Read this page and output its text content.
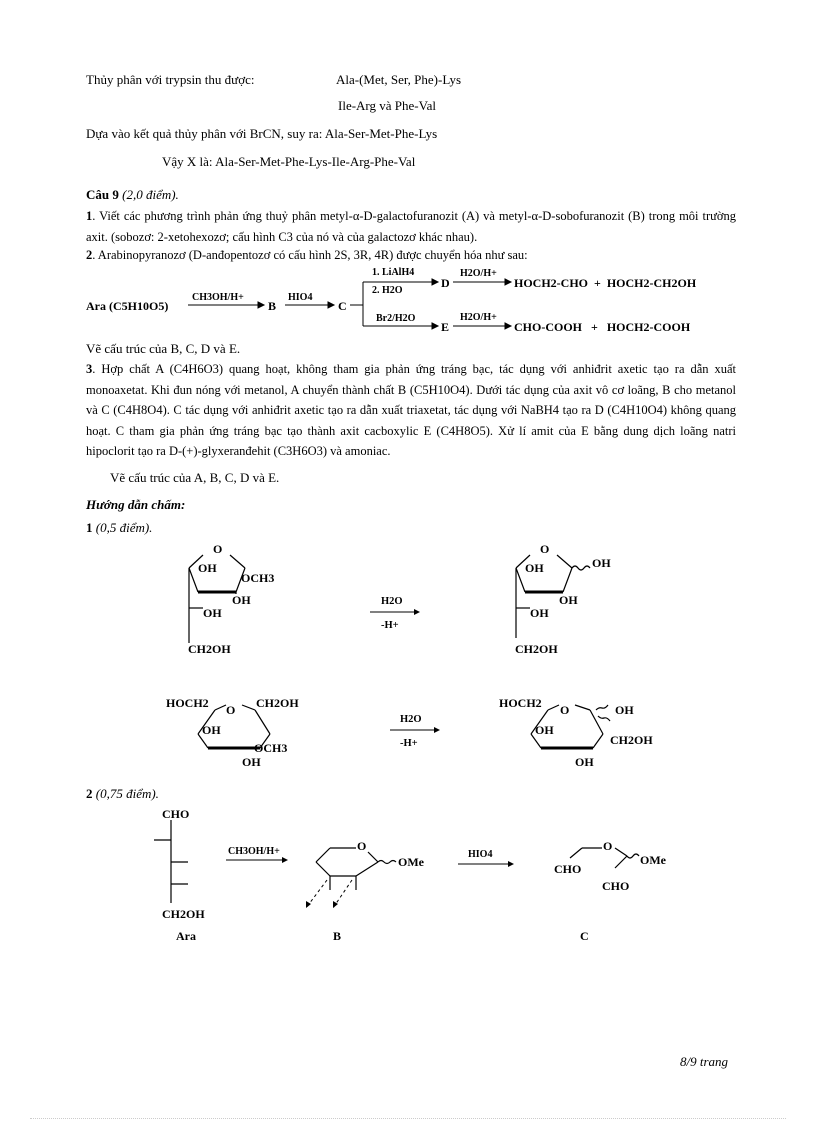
Thủy phân với trypsin thu được:	Ala-(Met, Ser, Phe)-Lys
Ile-Arg và Phe-Val
Dựa vào kết quả thủy phân với BrCN, suy ra: Ala-Ser-Met-Phe-Lys
Vậy X là: Ala-Ser-Met-Phe-Lys-Ile-Arg-Phe-Val
Câu 9 (2,0 điểm).
1. Viết các phương trình phản ứng thuỷ phân metyl-α-D-galactofuranozit (A) và metyl-α-D-sobofuranozit (B) trong môi trường axit. (sobozơ: 2-xetohexozơ; cấu hình C3 của nó và của galactozơ khác nhau).
2. Arabinopyranozơ (D-anđopentozơ có cấu hình 2S, 3R, 4R) được chuyển hóa như sau:
Ara (C5H10O5)
CH3OH/H+
B
HIO4
C
1. LiAlH4
2. H2O
D
Br2/H2O
E
H2O/H+
H2O/H+
HOCH2-CHO  +  HOCH2-CH2OH
CHO-COOH   +   HOCH2-COOH
Vẽ cấu trúc của B, C, D và E.
3. Hợp chất A (C4H6O3) quang hoạt, không tham gia phản ứng tráng bạc, tác dụng với anhiđrit axetic tạo ra dẫn xuất monoaxetat. Khi đun nóng với metanol, A chuyển thành chất B (C5H10O4). Dưới tác dụng của axit vô cơ loãng, B cho metanol và C (C4H8O4). C tác dụng với anhiđrit axetic tạo ra dẫn xuất triaxetat, tác dụng với NaBH4 tạo ra D (C4H10O4) không quang hoạt. C tham gia phản ứng tráng bạc tạo thành axit cacboxylic E (C4H8O5). Xử lí amit của E bằng dung dịch loãng natri hipoclorit tạo ra D-(+)-glyxeranđehit (C3H6O3) và amoniac.
Vẽ cấu trúc của A, B, C, D và E.
Hướng dẫn chấm:
1 (0,5 điểm).
O
OH
OCH3
OH
OH
CH2OH
H2O
-H+
O
OH
OH
OH
OH
CH2OH
HOCH2 O CH2OH
OH
OCH3
OH
H2O
-H+
HOCH2 O	OH
CH2OH
OH
OH
2 (0,75 điểm).
CHO
CH2OH
Ara
CH3OH/H+	O
OMe
B
HIO4
O
OMe
CHO
CHO
C
8/9 trang
